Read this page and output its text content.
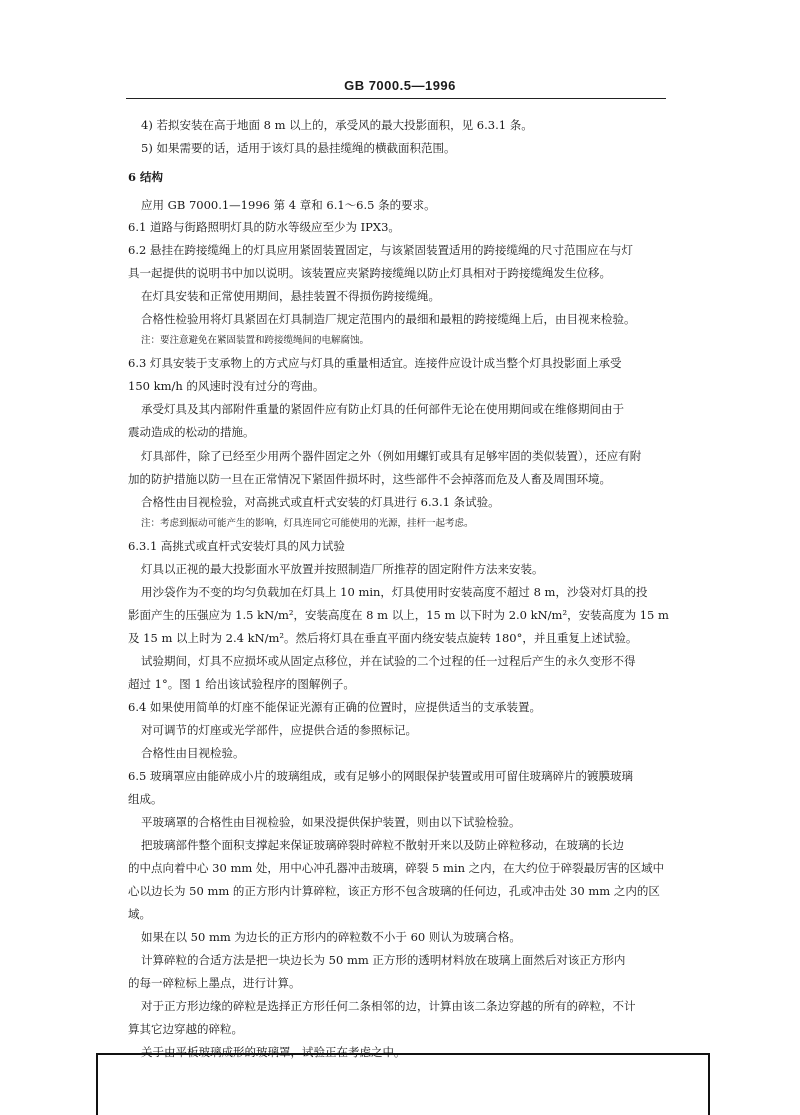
GB 7000.5—1996

4) 若拟安装在高于地面 8 m 以上的，承受风的最大投影面积，见 6.3.1 条。

5) 如果需要的话，适用于该灯具的悬挂缆绳的横截面积范围。

6 结构

应用 GB 7000.1—1996 第 4 章和 6.1～6.5 条的要求。

6.1 道路与街路照明灯具的防水等级应至少为 IPX3。

6.2 悬挂在跨接缆绳上的灯具应用紧固装置固定，与该紧固装置适用的跨接缆绳的尺寸范围应在与灯

具一起提供的说明书中加以说明。该装置应夹紧跨接缆绳以防止灯具相对于跨接缆绳发生位移。

在灯具安装和正常使用期间，悬挂装置不得损伤跨接缆绳。

合格性检验用将灯具紧固在灯具制造厂规定范围内的最细和最粗的跨接缆绳上后，由目视来检验。

注：要注意避免在紧固装置和跨接缆绳间的电解腐蚀。

6.3 灯具安装于支承物上的方式应与灯具的重量相适宜。连接件应设计成当整个灯具投影面上承受

150 km/h 的风速时没有过分的弯曲。

承受灯具及其内部附件重量的紧固件应有防止灯具的任何部件无论在使用期间或在维修期间由于

震动造成的松动的措施。

灯具部件，除了已经至少用两个器件固定之外（例如用螺钉或具有足够牢固的类似装置），还应有附

加的防护措施以防一旦在正常情况下紧固件损坏时，这些部件不会掉落而危及人畜及周围环境。

合格性由目视检验，对高挑式或直杆式安装的灯具进行 6.3.1 条试验。

注：考虑到振动可能产生的影响，灯具连同它可能使用的光源，挂杆一起考虑。

6.3.1 高挑式或直杆式安装灯具的风力试验

灯具以正视的最大投影面水平放置并按照制造厂所推荐的固定附件方法来安装。

用沙袋作为不变的均匀负载加在灯具上 10 min，灯具使用时安装高度不超过 8 m，沙袋对灯具的投

影面产生的压强应为 1.5 kN/m²，安装高度在 8 m 以上，15 m 以下时为 2.0 kN/m²，安装高度为 15 m

及 15 m 以上时为 2.4 kN/m²。然后将灯具在垂直平面内绕安装点旋转 180°，并且重复上述试验。

试验期间，灯具不应损坏或从固定点移位，并在试验的二个过程的任一过程后产生的永久变形不得

超过 1°。图 1 给出该试验程序的图解例子。

6.4 如果使用简单的灯座不能保证光源有正确的位置时，应提供适当的支承装置。

对可调节的灯座或光学部件，应提供合适的参照标记。

合格性由目视检验。

6.5 玻璃罩应由能碎成小片的玻璃组成，或有足够小的网眼保护装置或用可留住玻璃碎片的镀膜玻璃

组成。

平玻璃罩的合格性由目视检验，如果没提供保护装置，则由以下试验检验。

把玻璃部件整个面积支撑起来保证玻璃碎裂时碎粒不散射开来以及防止碎粒移动，在玻璃的长边

的中点向着中心 30 mm 处，用中心冲孔器冲击玻璃，碎裂 5 min 之内，在大约位于碎裂最厉害的区域中

心以边长为 50 mm 的正方形内计算碎粒，该正方形不包含玻璃的任何边，孔或冲击处 30 mm 之内的区

域。

如果在以 50 mm 为边长的正方形内的碎粒数不小于 60 则认为玻璃合格。

计算碎粒的合适方法是把一块边长为 50 mm 正方形的透明材料放在玻璃上面然后对该正方形内

的每一碎粒标上墨点，进行计算。

对于正方形边缘的碎粒是选择正方形任何二条相邻的边，计算由该二条边穿越的所有的碎粒，不计

算其它边穿越的碎粒。

关于由平板玻璃成形的玻璃罩，试验正在考虑之中。
